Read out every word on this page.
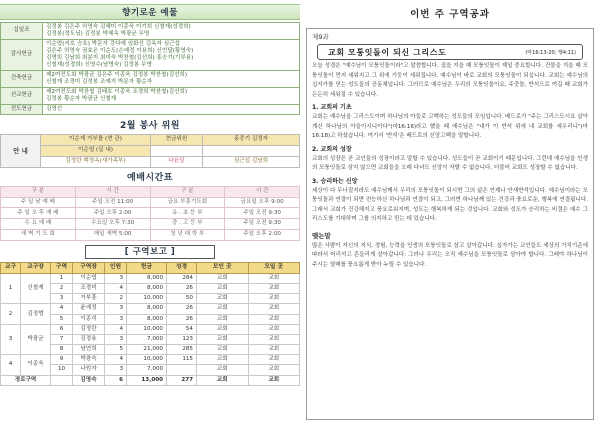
향기로운 예물
십일조	김정봉 김은주 허영숙 김혜미 이종욱 이기희 신철재(성경희)
김정봉(정도님) 김정봉 박혜옥 박광균 무명

감사헌금	이순엽(지호 승호) 박문자 강다예 임화선 김옥자 심근섭
김은주 허영숙 권효은 이순도(손예정 이용희) 신언달(황영숙)
김명희 김남희 최분지 최미숙 박찬철(김선희) 홍승기(기부용)
신철재(성경희) 신영수(남명숙) 김정봉 무명

건축헌금	제2여전도회 박광균 김은주 이종욱 김정봉 박찬철(김선희)
신철재 조경미 김정봉 조예지 박문자 황순자

선교헌금	제2여전도회 박찬철 김태호 이종욱 조경희 박찬철(김선희)
김정봉 황순자 박광균 신철재

전도헌금	김영선
2월 봉사 위원
안 내	이순재 가부틀 (현 관)	현금위원	홍중기 김정자
	이순엽 (실 내)		
	김정란 백정옥(새가족부)	다윤달	심근섭 김남희
예배시간표
구 분	시 간	구 분	시 간
주 일 낮 예 배	주일 오전 11:00	금요 부흥기도회	금요일 오후 9:00
주 일 오 후 예 배	주일 오후 2:00	유 . 초 등 부	주일 오전 9:30
수 요 예 배	수요일 오후 7:30	중 . 고 등 부	주일 오전 9:30
새 벽 기 도 회	매일 새벽 5:00	청 년 대 학 부	주일 오후 2:00
[ 구역보고 ]
교구	교구장	구역	구역장	인원	헌금	성경	모인 곳	모일 곳
1	신철재	1	이순엽	3	8,000	284	교회	교회
		2	조경미	4	8,000	26	교회	교회
		3	거부흥	2	10,000	50	교회	교회
2	김정범	4	윤예정	3	8,000	26	교회	교회
		5	이종석	3	8,000	26	교회	교회
3	박광균	6	김정란	4	10,000	54	교회	교회
		7	김정용	3	7,000	123	교회	교회
		8	남연희	5	21,000	285	교회	교회
4	이종욱	9	박광숙	4	10,000	115	교회	교회
		10	나원자	3	7,000		교회	교회
경로구역			김영숙	6	13,000	277	교회	교회
이번 주 구역공과
제9과
교회 모퉁잇돌이 되신 그리스도	(마16:13-20; 행4:11)

오늘 성경은 "예수님이 모퉁잇돌이라"고 말씀합니다. 집을 지을 때 모퉁잇돌이 제일 중요합니다. 건물을 지을 때 모퉁잇돌이 먼저 세워지고 그 위에 기둥이 세워집니다. 예수님이 바로 교회의 모퉁잇돌이 되십니다. 교회는 예수님의 십자가를 믿는 성도들의 공동체입니다. 그러므로 예수님은 우리의 모퉁잇돌이요, 주춧돌, 반석으로 여길 때 교회가 든든히 세워질 수 있습니다.

1. 교회의 기초

교회는 예수님을 그리스도이며 하나님의 아들로 고백하는 성도들의 모임입니다. 베드로가 "주는 그리스도시요 살아계신 하나님의 아들이시니이다"(마16:16)라고 했을 때 예수님은 "내가 이 반석 위에 내 교회를 세우리니"(마16:18)고 하셨습니다. 여기서 '반석'은 베드로의 신앙고백을 말합니다.

2. 교회의 성장

교회의 성장은 곧 교인들의 성장이라고 말할 수 있습니다. 성도들이 곧 교회이기 때문입니다. 그런데 예수님을 인생의 모퉁잇돌로 삼지 않으면 교회들을 오래 다녀도 신앙이 자랄 수 없습니다. 더불어 교회도 성장할 수 없습니다.

3. 승리하는 신앙

세상이 다 무너질지라도 예수님께서 우리의 모퉁잇돌이 되시면 그의 삶은 언제나 안새반석입니다. 예수님이라는 모퉁잇돌과 연결이 되면 전능하신 하나님과 연결이 되고, 그러면 하나님께 있는 건강과 풍요로운, 행복에 연결됩니다. 그래서 교회가 건강해지고 풍요로워지며, 성도는 행복하게 되는 것입니다. 교회와 성도가 승리하는 비결은 예수 그리스도를 기대하며 그를 의지하고 믿는 데 있습니다.

맺는말

많은 사람이 자신의 지식, 경험, 능력을 인생의 모퉁잇돌로 삼고 살아갑니다. 십자가는 교인들도 세상의 가치기준에 따라서 어리석고 흔들리게 살아갑니다. 그러나 우리는 오직 예수님을 모퉁잇돌로 삼아야 합니다. 그래야 하나님이 주시는 열매를 풍요롭게 받아 누릴 수 있습니다.
